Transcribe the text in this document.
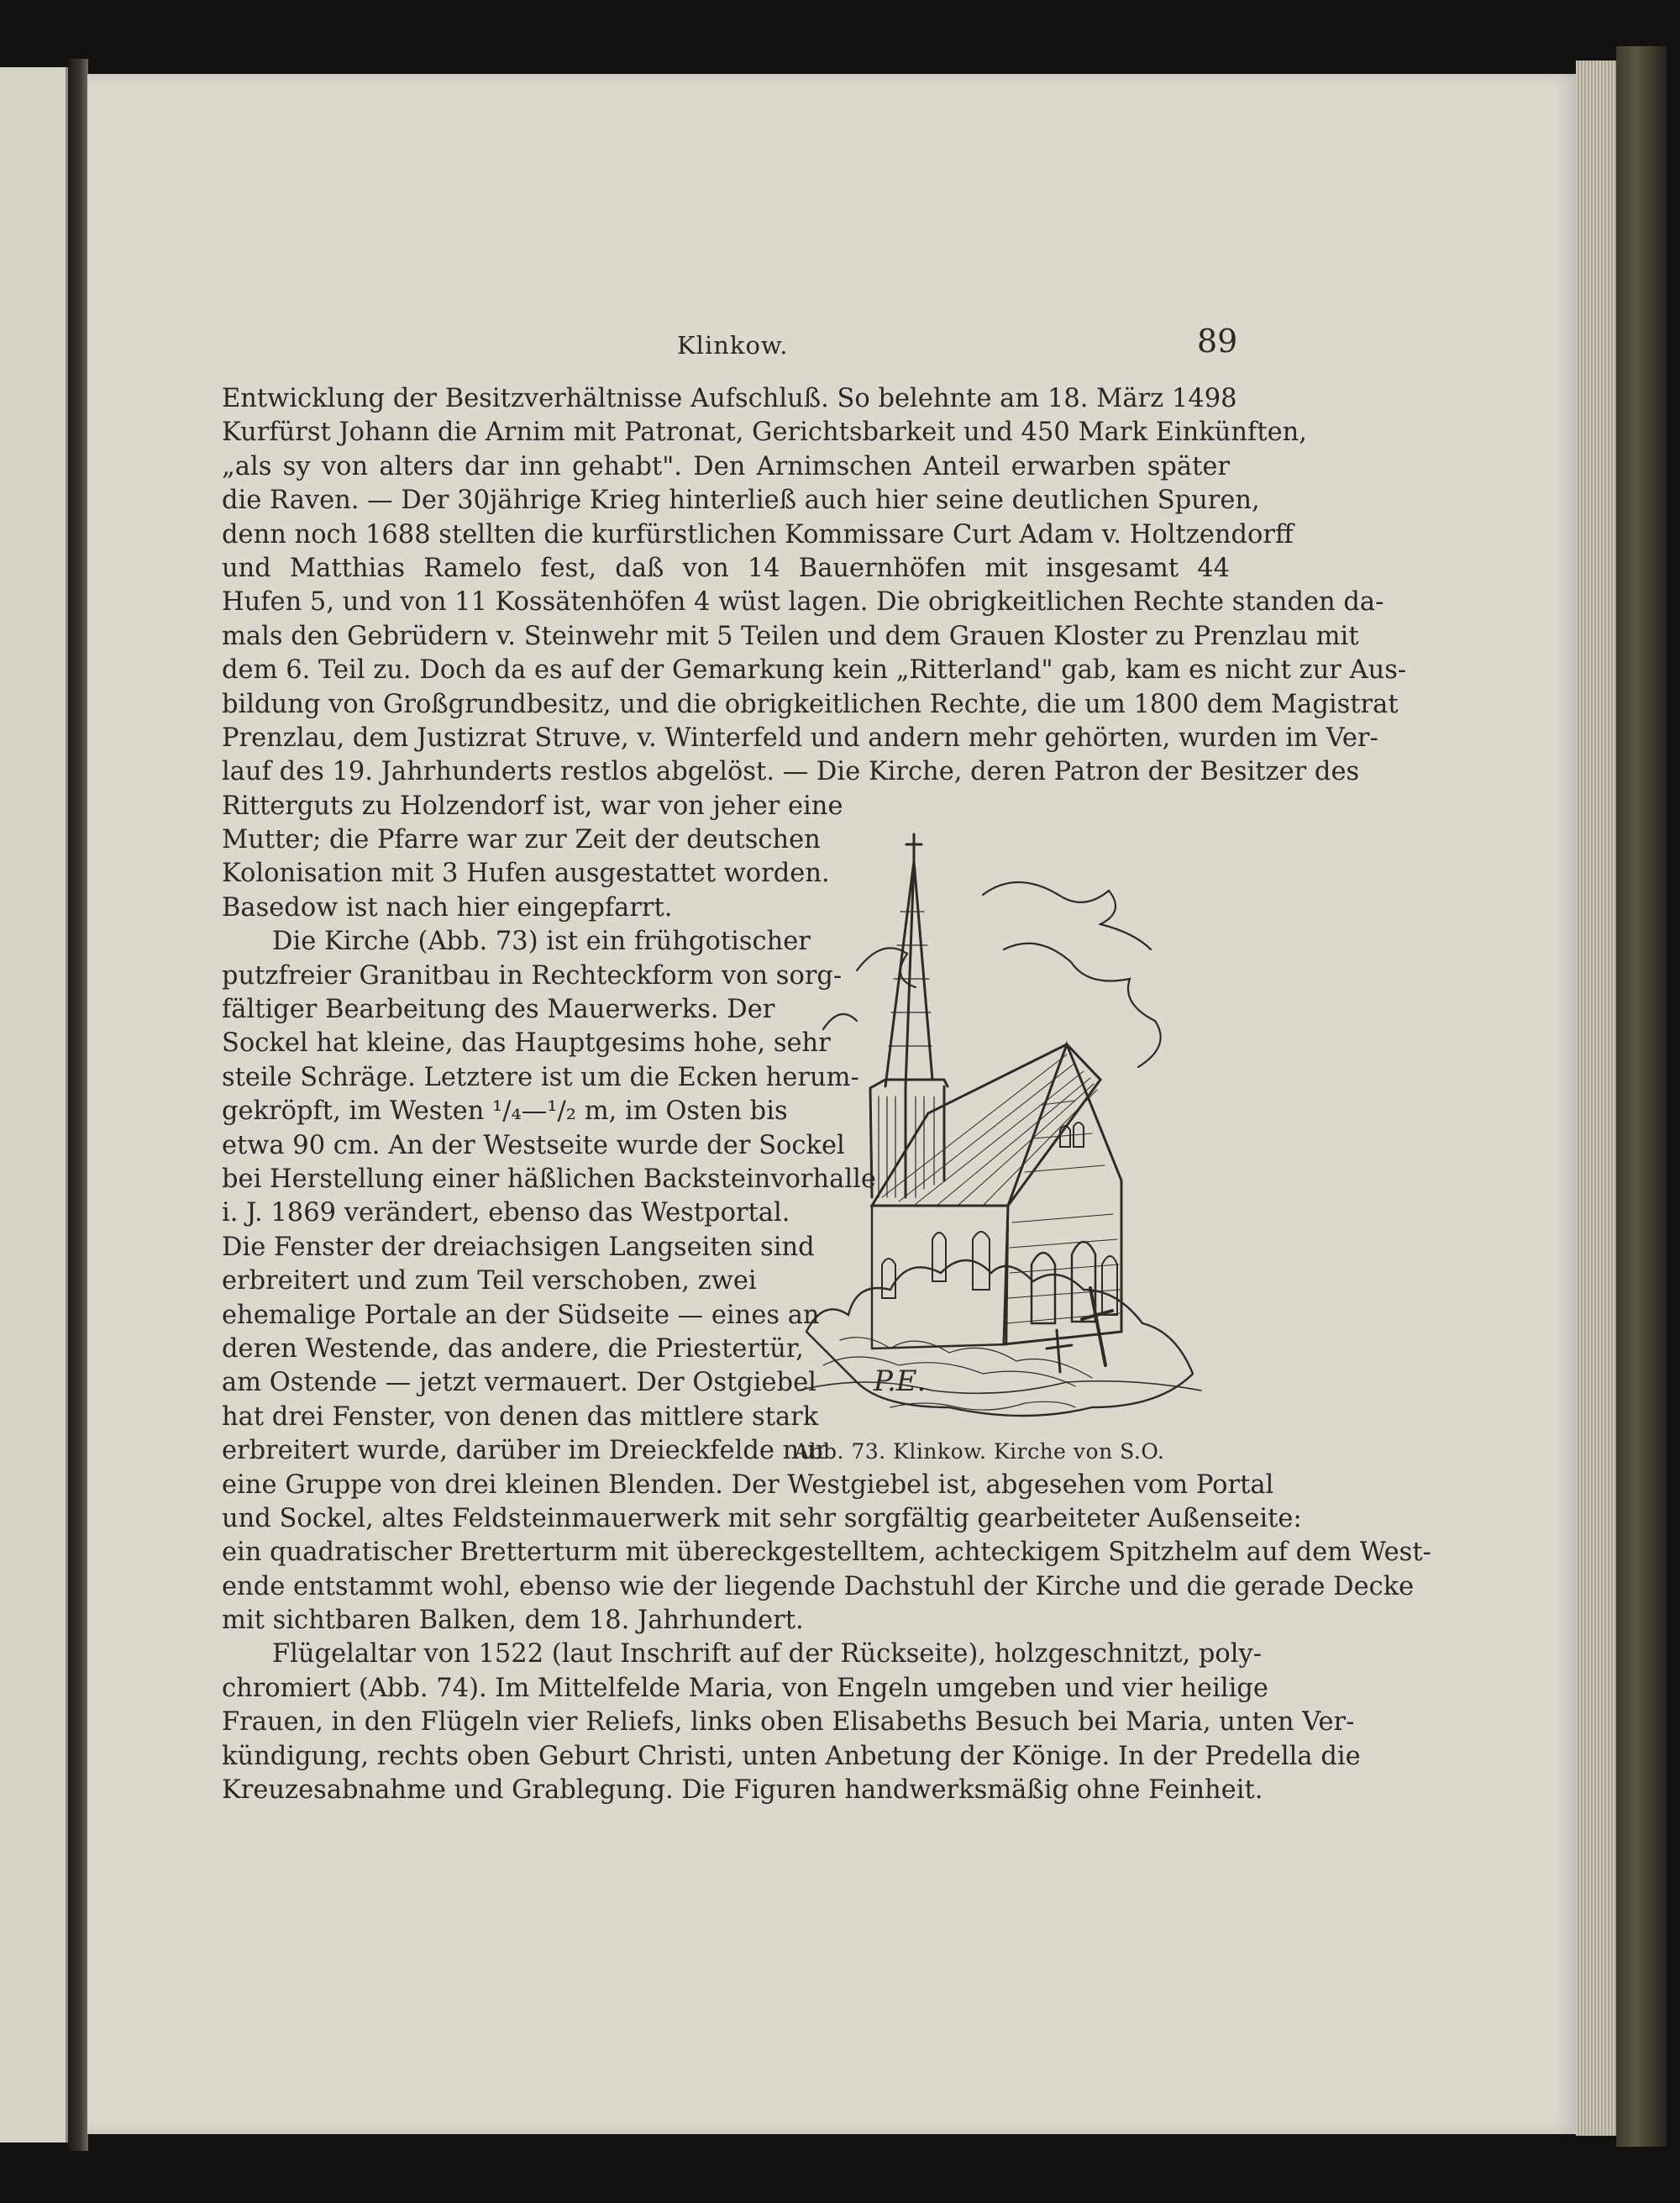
Klinkow.	89
Entwicklung der Besitzverhältnisse Aufschluß. So belehnte am 18. März 1498
Kurfürst Johann die Arnim mit Patronat, Gerichtsbarkeit und 450 Mark Einkünften,
„als sy von alters dar inn gehabt". Den Arnimschen Anteil erwarben später
die Raven. — Der 30jährige Krieg hinterließ auch hier seine deutlichen Spuren,
denn noch 1688 stellten die kurfürstlichen Kommissare Curt Adam v. Holtzendorff
und Matthias Ramelo fest, daß von 14 Bauernhöfen mit insgesamt 44
Hufen 5, und von 11 Kossätenhöfen 4 wüst lagen. Die obrigkeitlichen Rechte standen da-
mals den Gebrüdern v. Steinwehr mit 5 Teilen und dem Grauen Kloster zu Prenzlau mit
dem 6. Teil zu. Doch da es auf der Gemarkung kein „Ritterland" gab, kam es nicht zur Aus-
bildung von Großgrundbesitz, und die obrigkeitlichen Rechte, die um 1800 dem Magistrat
Prenzlau, dem Justizrat Struve, v. Winterfeld und andern mehr gehörten, wurden im Ver-
lauf des 19. Jahrhunderts restlos abgelöst. — Die Kirche, deren Patron der Besitzer des
Ritterguts zu Holzendorf ist, war von jeher eine
Mutter; die Pfarre war zur Zeit der deutschen
Kolonisation mit 3 Hufen ausgestattet worden.
Basedow ist nach hier eingepfarrt.
Die Kirche (Abb. 73) ist ein frühgotischer
putzfreier Granitbau in Rechteckform von sorg-
fältiger Bearbeitung des Mauerwerks. Der
Sockel hat kleine, das Hauptgesims hohe, sehr
steile Schräge. Letztere ist um die Ecken herum-
gekröpft, im Westen ¹/₄—¹/₂ m, im Osten bis
etwa 90 cm. An der Westseite wurde der Sockel
bei Herstellung einer häßlichen Backsteinvorhalle
i. J. 1869 verändert, ebenso das Westportal.
Die Fenster der dreiachsigen Langseiten sind
erbreitert und zum Teil verschoben, zwei
ehemalige Portale an der Südseite — eines an
deren Westende, das andere, die Priestertür,
am Ostende — jetzt vermauert. Der Ostgiebel
hat drei Fenster, von denen das mittlere stark
erbreitert wurde, darüber im Dreieckfelde nur
eine Gruppe von drei kleinen Blenden. Der Westgiebel ist, abgesehen vom Portal
und Sockel, altes Feldsteinmauerwerk mit sehr sorgfältig gearbeiteter Außenseite:
ein quadratischer Bretterturm mit übereckgestelltem, achteckigem Spitzhelm auf dem West-
ende entstammt wohl, ebenso wie der liegende Dachstuhl der Kirche und die gerade Decke
mit sichtbaren Balken, dem 18. Jahrhundert.
Flügelaltar von 1522 (laut Inschrift auf der Rückseite), holzgeschnitzt, poly-
chromiert (Abb. 74). Im Mittelfelde Maria, von Engeln umgeben und vier heilige
Frauen, in den Flügeln vier Reliefs, links oben Elisabeths Besuch bei Maria, unten Ver-
kündigung, rechts oben Geburt Christi, unten Anbetung der Könige. In der Predella die
Kreuzesabnahme und Grablegung. Die Figuren handwerksmäßig ohne Feinheit.
P.E.
Abb. 73. Klinkow. Kirche von S.O.
